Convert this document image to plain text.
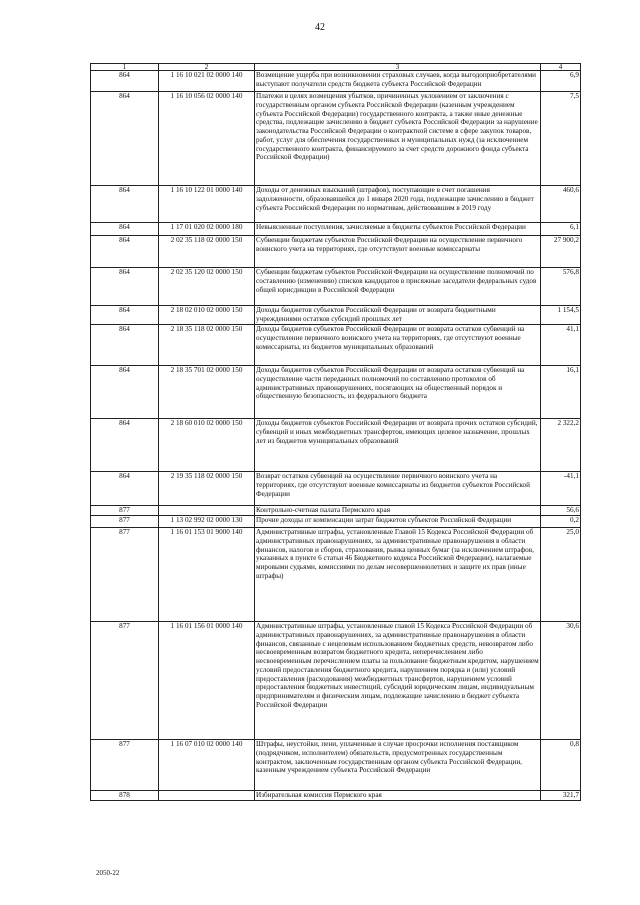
42
1	2	3	4
864	1 16 10 021 02 0000 140	Возмещение ущерба при возникновении страховых случаев, когда выгодоприобретателями выступают получатели средств бюджета субъекта Российской Федерации	6,9
864	1 16 10 056 02 0000 140	Платежи в целях возмещения убытков, причиненных уклонением от заключения с государственным органом субъекта Российской Федерации (казенным учреждением субъекта Российской Федерации) государственного контракта, а также иные денежные средства, подлежащие зачислению в бюджет субъекта Российской Федерации за нарушение законодательства Российской Федерации о контрактной системе в сфере закупок товаров, работ, услуг для обеспечения государственных и муниципальных нужд (за исключением государственного контракта, финансируемого за счет средств дорожного фонда субъекта Российской Федерации)	7,5
864	1 16 10 122 01 0000 140	Доходы от денежных взысканий (штрафов), поступающие в счет погашения задолженности, образовавшейся до 1 января 2020 года, подлежащие зачислению в бюджет субъекта Российской Федерации по нормативам, действовавшим в 2019 году	460,6
864	1 17 01 020 02 0000 180	Невыясненные поступления, зачисляемые в бюджеты субъектов Российской Федерации	6,1
864	2 02 35 118 02 0000 150	Субвенции бюджетам субъектов Российской Федерации на осуществление первичного воинского учета на территориях, где отсутствуют военные комиссариаты	27 900,2
864	2 02 35 120 02 0000 150	Субвенции бюджетам субъектов Российской Федерации на осуществление полномочий по составлению (изменению) списков кандидатов в присяжные заседатели федеральных судов общей юрисдикции в Российской Федерации	576,8
864	2 18 02 010 02 0000 150	Доходы бюджетов субъектов Российской Федерации от возврата бюджетными учреждениями остатков субсидий прошлых лет	1 154,5
864	2 18 35 118 02 0000 150	Доходы бюджетов субъектов Российской Федерации от возврата остатков субвенций на осуществление первичного воинского учета на территориях, где отсутствуют военные комиссариаты, из бюджетов муниципальных образований	41,1
864	2 18 35 701 02 0000 150	Доходы бюджетов субъектов Российской Федерации от возврата остатков субвенций на осуществление части переданных полномочий по составлению протоколов об административных правонарушениях, посягающих на общественный порядок и общественную безопасность, из федерального бюджета	16,1
864	2 18 60 010 02 0000 150	Доходы бюджетов субъектов Российской Федерации от возврата прочих остатков субсидий, субвенций и иных межбюджетных трансфертов, имеющих целевое назначение, прошлых лет из бюджетов муниципальных образований	2 322,2
864	2 19 35 118 02 0000 150	Возврат остатков субвенций на осуществление первичного воинского учета на территориях, где отсутствуют военные комиссариаты из бюджетов субъектов Российской Федерации	-41,1
877		Контрольно-счетная палата Пермского края	56,6
877	1 13 02 992 02 0000 130	Прочие доходы от компенсации затрат бюджетов субъектов Российской Федерации	0,2
877	1 16 01 153 01 9000 140	Административные штрафы, установленные Главой 15 Кодекса Российской Федерации об административных правонарушениях, за административные правонарушения в области финансов, налогов и сборов, страхования, рынка ценных бумаг (за исключением штрафов, указанных в пункте 6 статьи 46 Бюджетного кодекса Российской Федерации), налагаемые мировыми судьями, комиссиями по делам несовершеннолетних и защите их прав (иные штрафы)	25,0
877	1 16 01 156 01 0000 140	Административные штрафы, установленные главой 15 Кодекса Российской Федерации об административных правонарушениях, за административные правонарушения в области финансов, связанные с нецелевым использованием бюджетных средств, невозвратом либо несвоевременным возвратом бюджетного кредита, неперечислением либо несвоевременным перечислением платы за пользование бюджетным кредитом, нарушением условий предоставления бюджетного кредита, нарушением порядка и (или) условий предоставления (расходования) межбюджетных трансфертов, нарушением условий предоставления бюджетных инвестиций, субсидий юридическим лицам, индивидуальным предпринимателям и физическим лицам, подлежащие зачислению в бюджет субъекта Российской Федерации	30,6
877	1 16 07 010 02 0000 140	Штрафы, неустойки, пени, уплаченные в случае просрочки исполнения поставщиком (подрядчиком, исполнителем) обязательств, предусмотренных государственным контрактом, заключенным государственным органом субъекта Российской Федерации, казенным учреждением субъекта Российской Федерации	0,8
878		Избирательная комиссия Пермского края	321,7
2050-22
